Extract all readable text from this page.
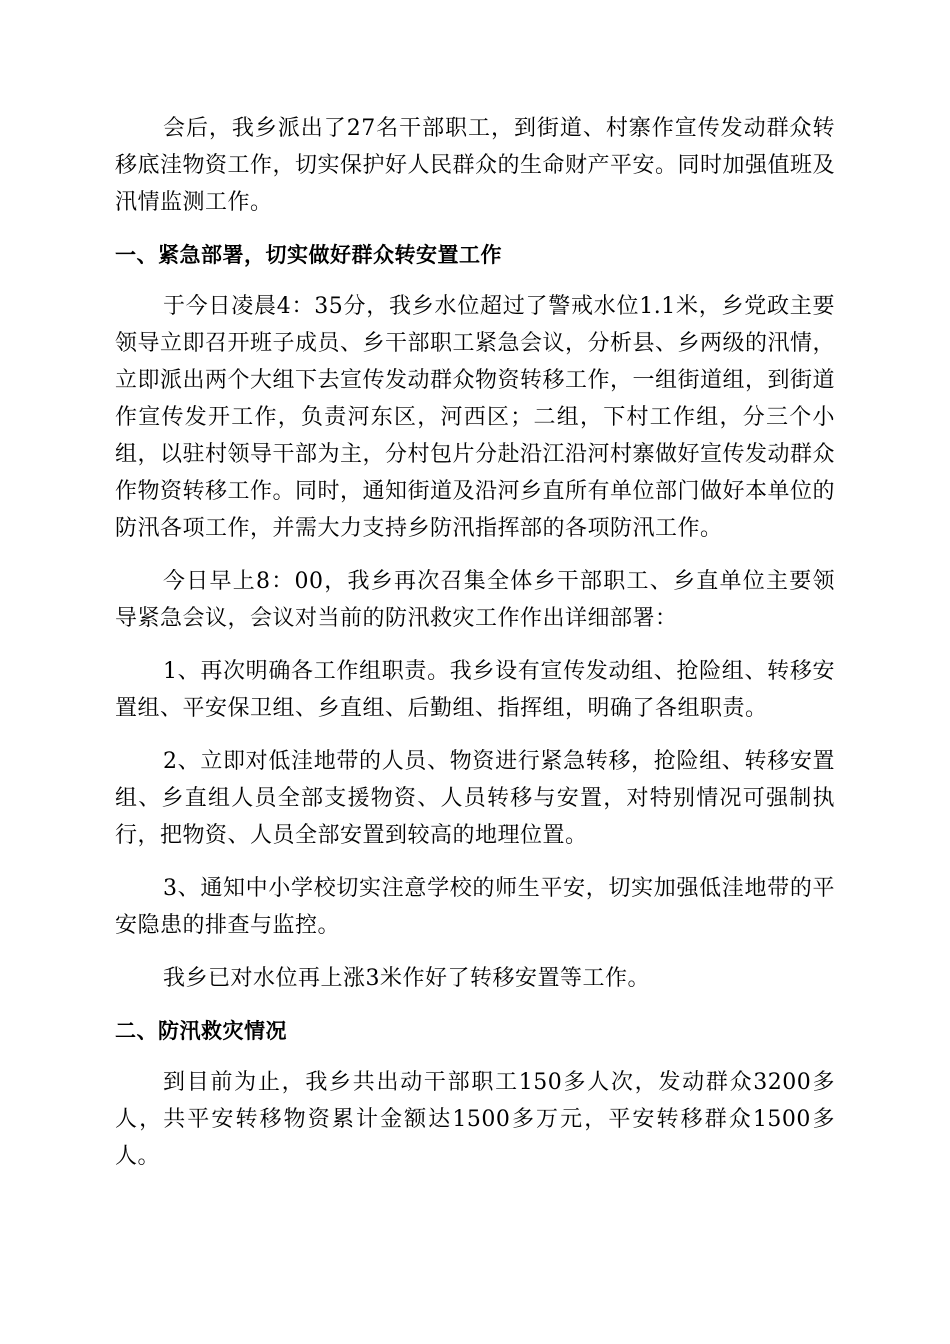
会后，我乡派出了27名干部职工，到街道、村寨作宣传发动群众转移底洼物资工作，切实保护好人民群众的生命财产平安。同时加强值班及汛情监测工作。

一、紧急部署，切实做好群众转安置工作

于今日凌晨4：35分，我乡水位超过了警戒水位1.1米，乡党政主要领导立即召开班子成员、乡干部职工紧急会议，分析县、乡两级的汛情，立即派出两个大组下去宣传发动群众物资转移工作，一组街道组，到街道作宣传发开工作，负责河东区，河西区；二组，下村工作组，分三个小组，以驻村领导干部为主，分村包片分赴沿江沿河村寨做好宣传发动群众作物资转移工作。同时，通知街道及沿河乡直所有单位部门做好本单位的防汛各项工作，并需大力支持乡防汛指挥部的各项防汛工作。

今日早上8：00，我乡再次召集全体乡干部职工、乡直单位主要领导紧急会议，会议对当前的防汛救灾工作作出详细部署：

1、再次明确各工作组职责。我乡设有宣传发动组、抢险组、转移安置组、平安保卫组、乡直组、后勤组、指挥组，明确了各组职责。

2、立即对低洼地带的人员、物资进行紧急转移，抢险组、转移安置组、乡直组人员全部支援物资、人员转移与安置，对特别情况可强制执行，把物资、人员全部安置到较高的地理位置。

3、通知中小学校切实注意学校的师生平安，切实加强低洼地带的平安隐患的排查与监控。

我乡已对水位再上涨3米作好了转移安置等工作。

二、防汛救灾情况

到目前为止，我乡共出动干部职工150多人次，发动群众3200多人，共平安转移物资累计金额达1500多万元，平安转移群众1500多人。
